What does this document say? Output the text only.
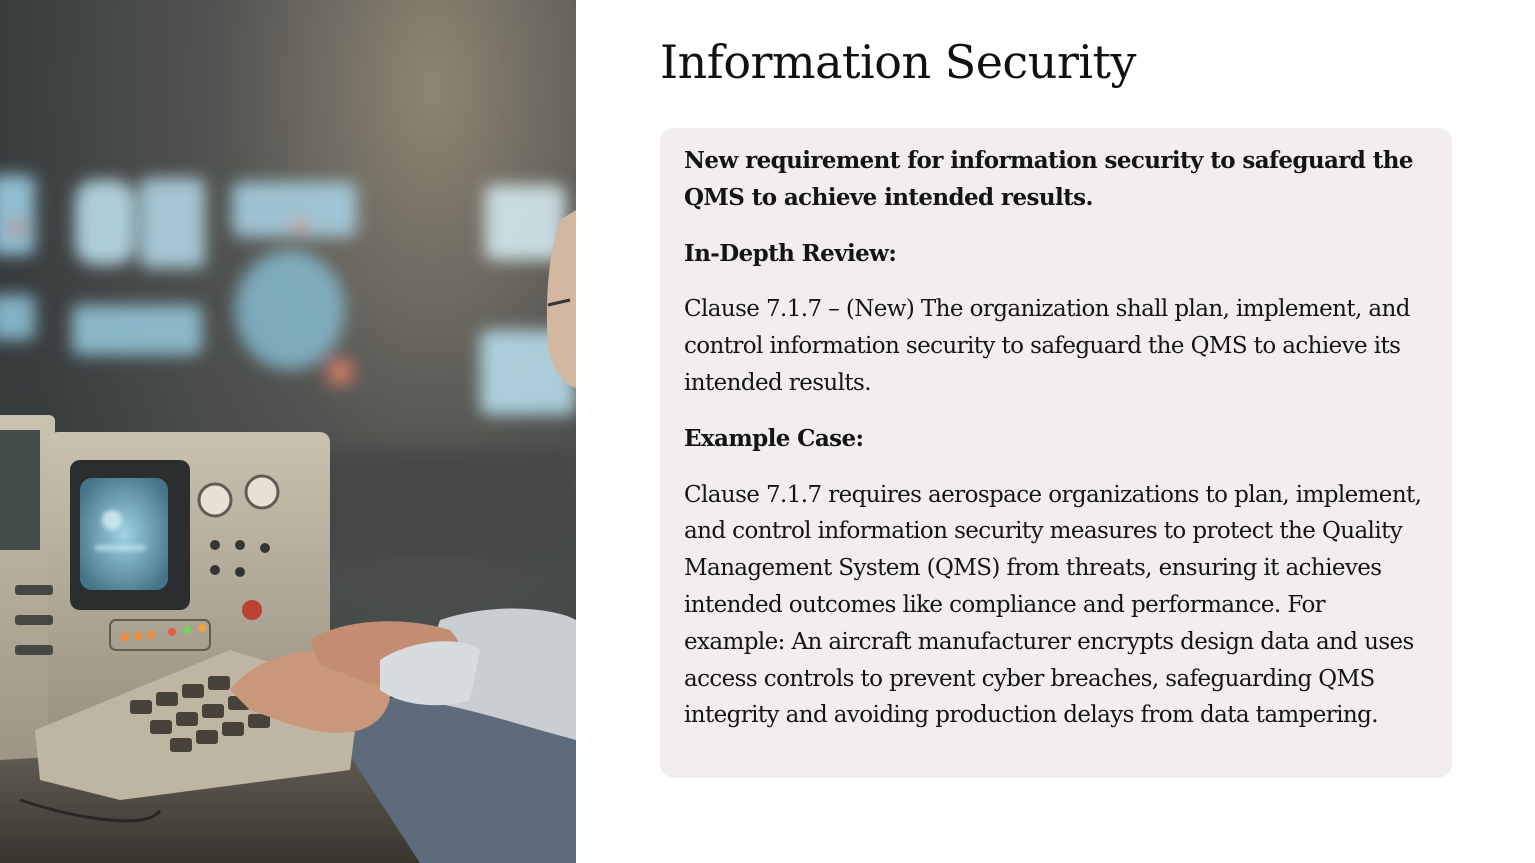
Information Security

New requirement for information security to safeguard the QMS to achieve intended results.

In-Depth Review:

Clause 7.1.7 – (New) The organization shall plan, implement, and control information security to safeguard the QMS to achieve its intended results.

Example Case:

Clause 7.1.7 requires aerospace organizations to plan, implement, and control information security measures to protect the Quality Management System (QMS) from threats, ensuring it achieves intended outcomes like compliance and performance. For example: An aircraft manufacturer encrypts design data and uses access controls to prevent cyber breaches, safeguarding QMS integrity and avoiding production delays from data tampering.
